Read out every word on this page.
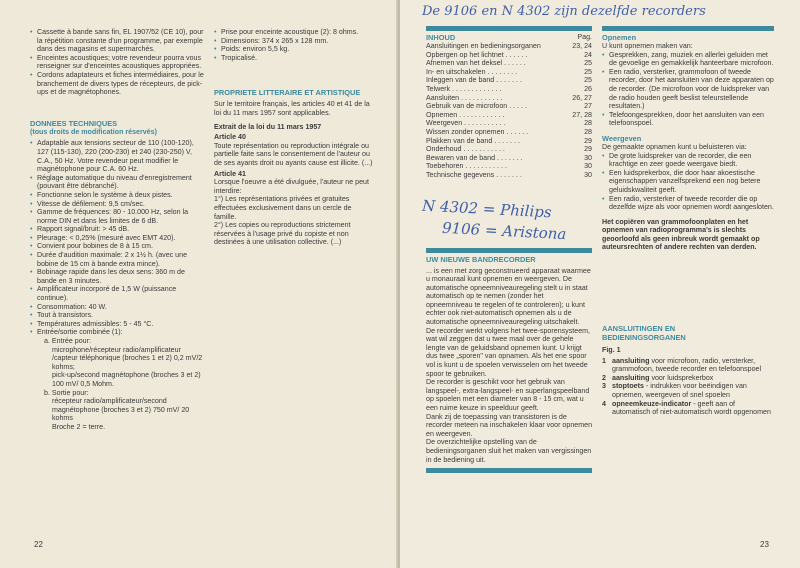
• Cassette à bande sans fin, EL 1907/52 (CE 10), pour la répétition constante d'un programme, par exemple dans des magasins et supermarchés.
• Enceintes acoustiques; votre revendeur pourra vous renseigner sur d'enceintes acoustiques appropriées.
• Cordons adaptateurs et fiches intermédiaires, pour le branchement de divers types de récepteurs, de pick-ups et de magnétophones.

DONNEES TECHNIQUES

(tous droits de modification réservés)

• Adaptable aux tensions secteur de 110 (100-120), 127 (115-130), 220 (200-230) et 240 (230-250) V, C.A., 50 Hz. Votre revendeur peut modifier le magnétophone pour C.A. 60 Hz.
• Réglage automatique du niveau d'enregistrement (pouvant être débranché).
• Fonctionne selon le système à deux pistes.
• Vitesse de défilement: 9,5 cm/sec.
• Gamme de fréquences: 80 - 10.000 Hz, selon la norme DIN et dans les limites de 6 dB.
• Rapport signal/bruit: > 45 dB.
• Pleurage: < 0,25% (mesuré avec EMT 420).
• Convient pour bobines de 8 à 15 cm.
• Durée d'audition maximale: 2 x 1½ h. (avec une bobine de 15 cm à bande extra mince).
• Bobinage rapide dans les deux sens: 360 m de bande en 3 minutes.
• Amplificateur incorporé de 1,5 W (puissance continue).
• Consommation: 40 W.
• Tout à transistors.
• Températures admissibles: 5 - 45 °C.
• Entrée/sortie combinée (1):
a. Entrée pour:
microphone/récepteur radio/amplificateur /capteur téléphonique (broches 1 et 2) 0,2 mV/2 kohms;
pick-up/second magnétophone (broches 3 et 2) 100 mV/ 0,5 Mohm.
b. Sortie pour:
récepteur radio/amplificateur/second magnétophone (broches 3 et 2) 750 mV/ 20 kohms
Broche 2 = terre.
• Prise pour enceinte acoustique (2): 8 ohms.
• Dimensions: 374 x 265 x 128 mm.
• Poids: environ 5,5 kg.
• Tropicalisé.

PROPRIETE LITTERAIRE ET ARTISTIQUE

Sur le territoire français, les articles 40 et 41 de la loi du 11 mars 1957 sont applicables.

Extrait de la loi du 11 mars 1957

Article 40

Toute représentation ou reproduction intégrale ou partielle faite sans le consentement de l'auteur ou de ses ayants droit ou ayants cause est illicite. (...)

Article 41

Lorsque l'oeuvre a été divulguée, l'auteur ne peut interdire:

1°) Les représentations privées et gratuites effectuées exclusivement dans un cercle de famille.

2°) Les copies ou reproductions strictement réservées à l'usage privé du copiste et non destinées à une utilisation collective. (...)

22
De 9106 en N 4302 zijn dezelfde recorders
N 4302 = Philips
9106 = Aristona
INHOUD	Pag.
Aansluitingen en bedieningsorganen	23, 24
Opbergen op het lichtnet . . . . . .	24
Afnemen van het deksel . . . . . .	25
In- en uitschakelen . . . . . . . .	25
Inleggen van de band . . . . . . .	25
Telwerk . . . . . . . . . . . . .	26
Aansluiten . . . . . . . . . . .	26, 27
Gebruik van de microfoon . . . . .	27
Opnemen . . . . . . . . . . . .	27, 28
Weergeven . . . . . . . . . . .	28
Wissen zonder opnemen . . . . . .	28
Plakken van de band . . . . . . .	29
Onderhoud . . . . . . . . . . .	29
Bewaren van de band . . . . . . .	30
Toebehoren . . . . . . . . . . .	30
Technische gegevens . . . . . . .	30

UW NIEUWE BANDRECORDER

... is een met zorg geconstrueerd apparaat waarmee u monauraal kunt opnemen en weergeven. De automatische opneemniveauregeling stelt u in staat automatisch op te nemen (zonder het opneemniveau te regelen of te controleren); u kunt echter ook niet-automatisch opnemen als u de automatische opneemniveauregeling uitschakelt.

De recorder werkt volgens het twee-sporensysteem, wat wil zeggen dat u twee maal over de gehele lengte van de geluidsband opnemen kunt. U krijgt dus twee „sporen" van opnamen. Als het ene spoor vol is kunt u de spoelen verwisselen om het tweede spoor te gebruiken.

De recorder is geschikt voor het gebruik van langspeel-, extra-langspeel- en superlangspeelband op spoelen met een diameter van 8 - 15 cm, wat u een ruime keuze in speelduur geeft.

Dank zij de toepassing van transistoren is de recorder meteen na inschakelen klaar voor opnemen en weergeven.

De overzichtelijke opstelling van de bedieningsorganen sluit het maken van vergissingen in de bediening uit.

Opnemen

U kunt opnemen maken van:

• Gesprekken, zang, muziek en allerlei geluiden met de gevoelige en gemakkelijk hanteerbare microfoon.
• Een radio, versterker, grammofoon of tweede recorder, door het aansluiten van deze apparaten op de recorder. (De microfoon voor de luidspreker van de radio houden geeft beslist teleurstellende resultaten.)
• Telefoongesprekken, door het aansluiten van een telefoonspoel.

Weergeven

De gemaakte opnamen kunt u beluisteren via:

• De grote luidspreker van de recorder, die een krachtige en zeer goede weergave biedt.
• Een luidsprekerbox, die door haar akoestische eigenschappen vanzelfsprekend een nog betere geluidskwaliteit geeft.
• Een radio, versterker of tweede recorder die op dezelfde wijze als voor opnemen wordt aangesloten.

Het copiëren van grammofoonplaten en het opnemen van radioprogramma's is slechts geoorloofd als geen inbreuk wordt gemaakt op auteursrechten of andere rechten van derden.

AANSLUITINGEN EN

BEDIENINGSORGANEN

Fig. 1

1 aansluiting voor microfoon, radio, versterker, grammofoon, tweede recorder en telefoonspoel
2 aansluiting voor luidsprekerbox
3 stoptoets - indrukken voor beëindigen van opnemen, weergeven of snel spoelen
4 opneemkeuze-indicator - geeft aan of automatisch of niet-automatisch wordt opgenomen
23
